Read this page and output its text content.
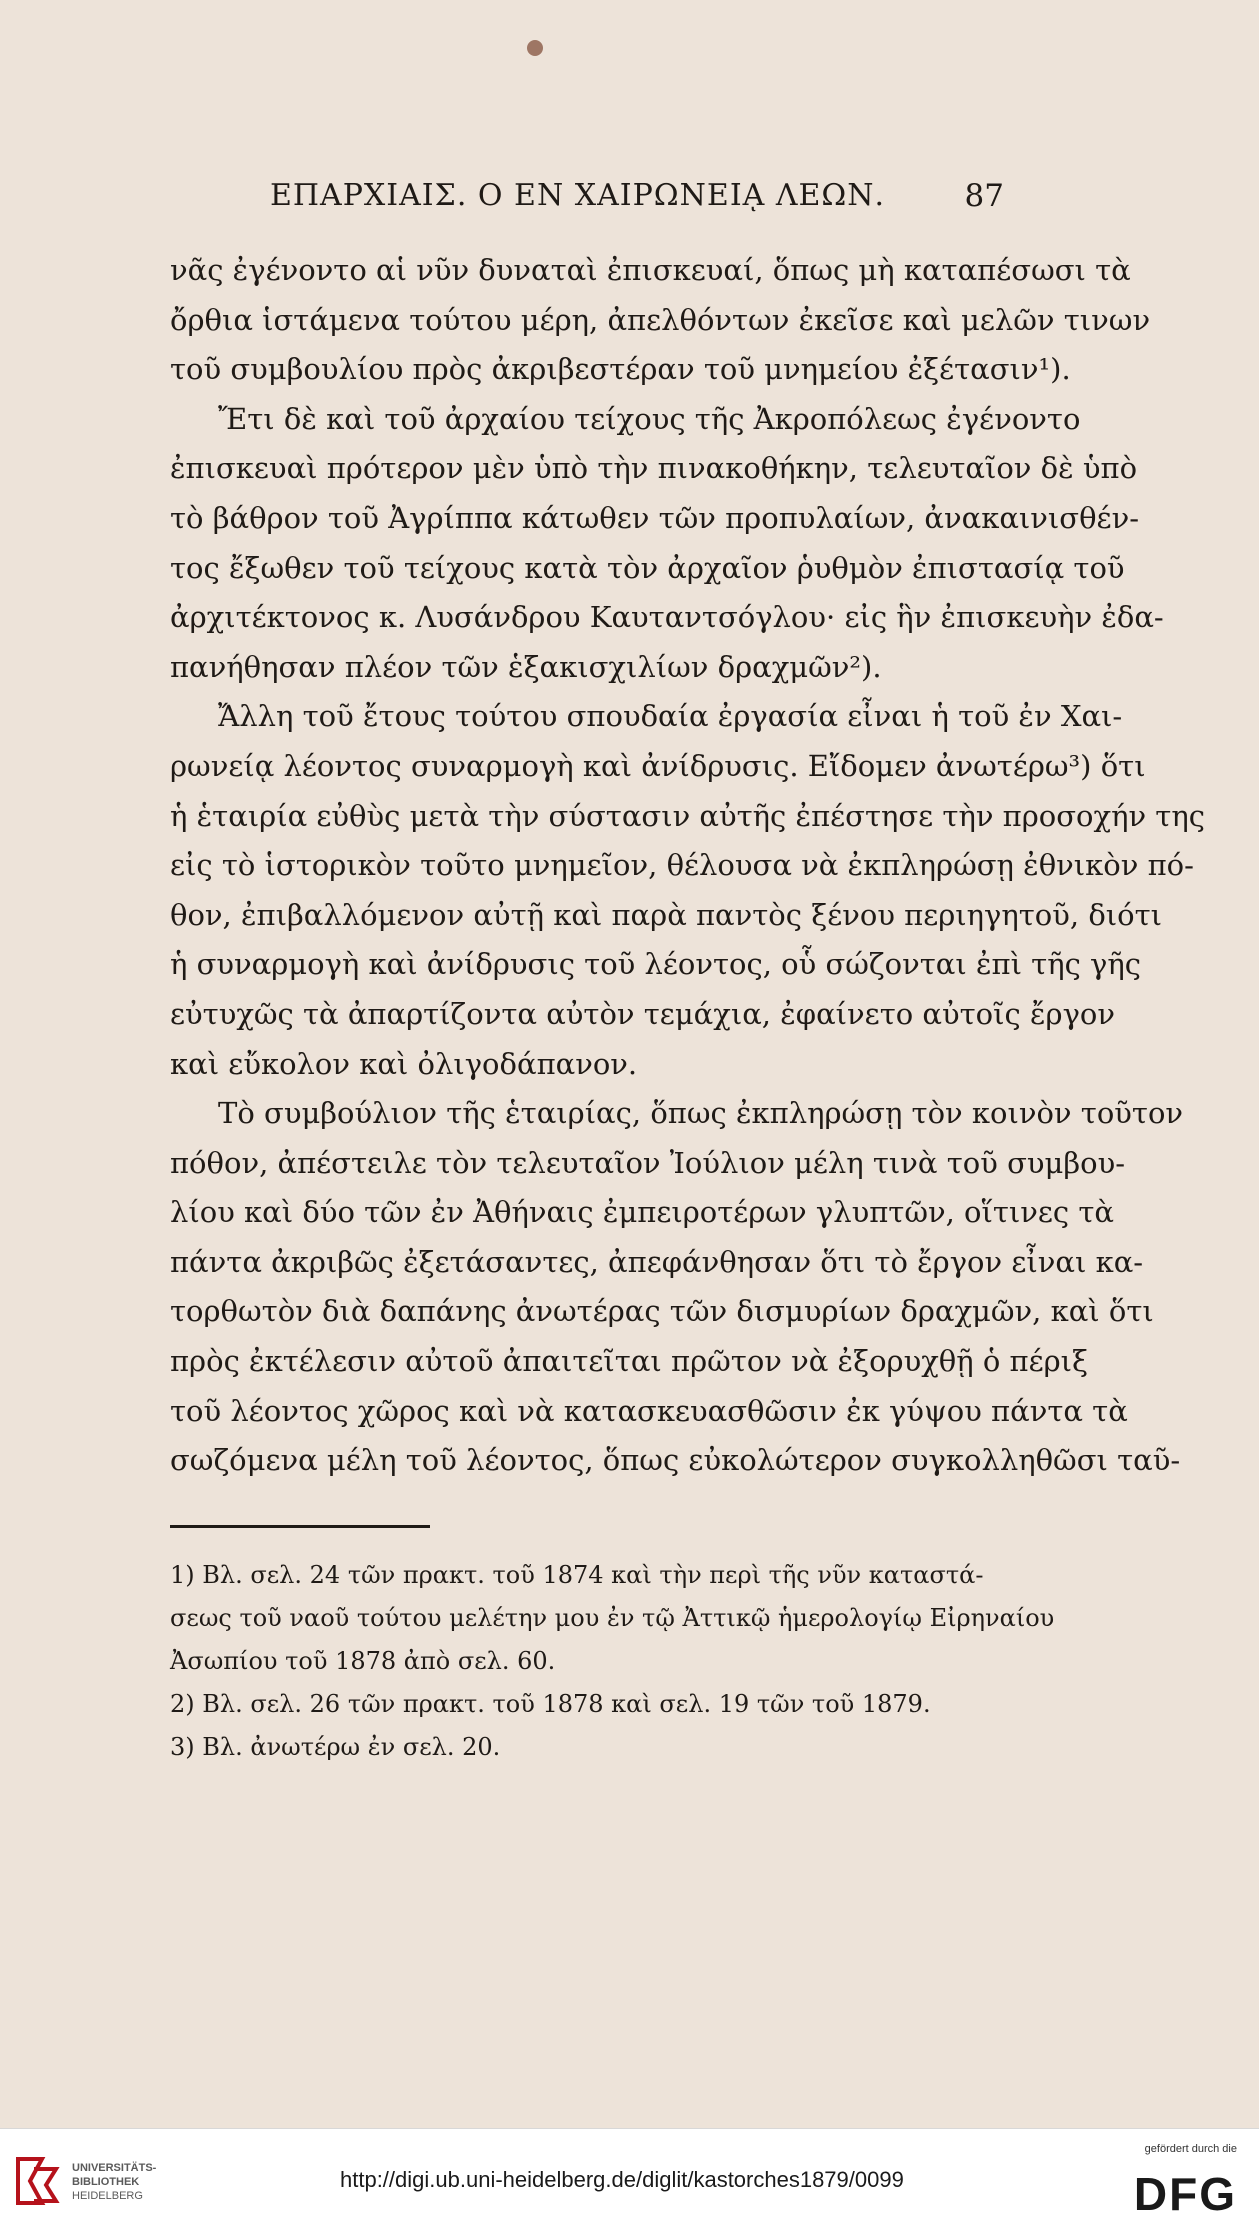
ΕΠΑΡΧΙΑΙΣ. Ο ΕΝ ΧΑΙΡΩΝΕΙᾼ ΛΕΩΝ.	87
νᾶς ἐγένοντο αἱ νῦν δυναταὶ ἐπισκευαί, ὅπως μὴ καταπέσωσι τὰ
ὄρθια ἱστάμενα τούτου μέρη, ἀπελθόντων ἐκεῖσε καὶ μελῶν τινων
τοῦ συμβουλίου πρὸς ἀκριβεστέραν τοῦ μνημείου ἐξέτασιν¹).
Ἔτι δὲ καὶ τοῦ ἀρχαίου τείχους τῆς Ἀκροπόλεως ἐγένοντο
ἐπισκευαὶ πρότερον μὲν ὑπὸ τὴν πινακοθήκην, τελευταῖον δὲ ὑπὸ
τὸ βάθρον τοῦ Ἀγρίππα κάτωθεν τῶν προπυλαίων, ἀνακαινισθέν-
τος ἔξωθεν τοῦ τείχους κατὰ τὸν ἀρχαῖον ῥυθμὸν ἐπιστασίᾳ τοῦ
ἀρχιτέκτονος κ. Λυσάνδρου Καυταντσόγλου· εἰς ἣν ἐπισκευὴν ἐδα-
πανήθησαν πλέον τῶν ἑξακισχιλίων δραχμῶν²).
Ἄλλη τοῦ ἔτους τούτου σπουδαία ἐργασία εἶναι ἡ τοῦ ἐν Χαι-
ρωνείᾳ λέοντος συναρμογὴ καὶ ἀνίδρυσις. Εἴδομεν ἀνωτέρω³) ὅτι
ἡ ἑταιρία εὐθὺς μετὰ τὴν σύστασιν αὐτῆς ἐπέστησε τὴν προσοχήν της
εἰς τὸ ἱστορικὸν τοῦτο μνημεῖον, θέλουσα νὰ ἐκπληρώσῃ ἐθνικὸν πό-
θον, ἐπιβαλλόμενον αὐτῇ καὶ παρὰ παντὸς ξένου περιηγητοῦ, διότι
ἡ συναρμογὴ καὶ ἀνίδρυσις τοῦ λέοντος, οὗ σώζονται ἐπὶ τῆς γῆς
εὐτυχῶς τὰ ἀπαρτίζοντα αὐτὸν τεμάχια, ἐφαίνετο αὐτοῖς ἔργον
καὶ εὔκολον καὶ ὀλιγοδάπανον.
Τὸ συμβούλιον τῆς ἑταιρίας, ὅπως ἐκπληρώσῃ τὸν κοινὸν τοῦτον
πόθον, ἀπέστειλε τὸν τελευταῖον Ἰούλιον μέλη τινὰ τοῦ συμβου-
λίου καὶ δύο τῶν ἐν Ἀθήναις ἐμπειροτέρων γλυπτῶν, οἵτινες τὰ
πάντα ἀκριβῶς ἐξετάσαντες, ἀπεφάνθησαν ὅτι τὸ ἔργον εἶναι κα-
τορθωτὸν διὰ δαπάνης ἀνωτέρας τῶν δισμυρίων δραχμῶν, καὶ ὅτι
πρὸς ἐκτέλεσιν αὐτοῦ ἀπαιτεῖται πρῶτον νὰ ἐξορυχθῇ ὁ πέριξ
τοῦ λέοντος χῶρος καὶ νὰ κατασκευασθῶσιν ἐκ γύψου πάντα τὰ
σωζόμενα μέλη τοῦ λέοντος, ὅπως εὐκολώτερον συγκολληθῶσι ταῦ-
1) Βλ. σελ. 24 τῶν πρακτ. τοῦ 1874 καὶ τὴν περὶ τῆς νῦν καταστά-
σεως τοῦ ναοῦ τούτου μελέτην μου ἐν τῷ Ἀττικῷ ἡμερολογίῳ Εἰρηναίου
Ἀσωπίου τοῦ 1878 ἀπὸ σελ. 60.
2) Βλ. σελ. 26 τῶν πρακτ. τοῦ 1878 καὶ σελ. 19 τῶν τοῦ 1879.
3) Βλ. ἀνωτέρω ἐν σελ. 20.
UNIVERSITÄTS-
BIBLIOTHEK
HEIDELBERG
http://digi.ub.uni-heidelberg.de/diglit/kastorches1879/0099
gefördert durch die
DFG
